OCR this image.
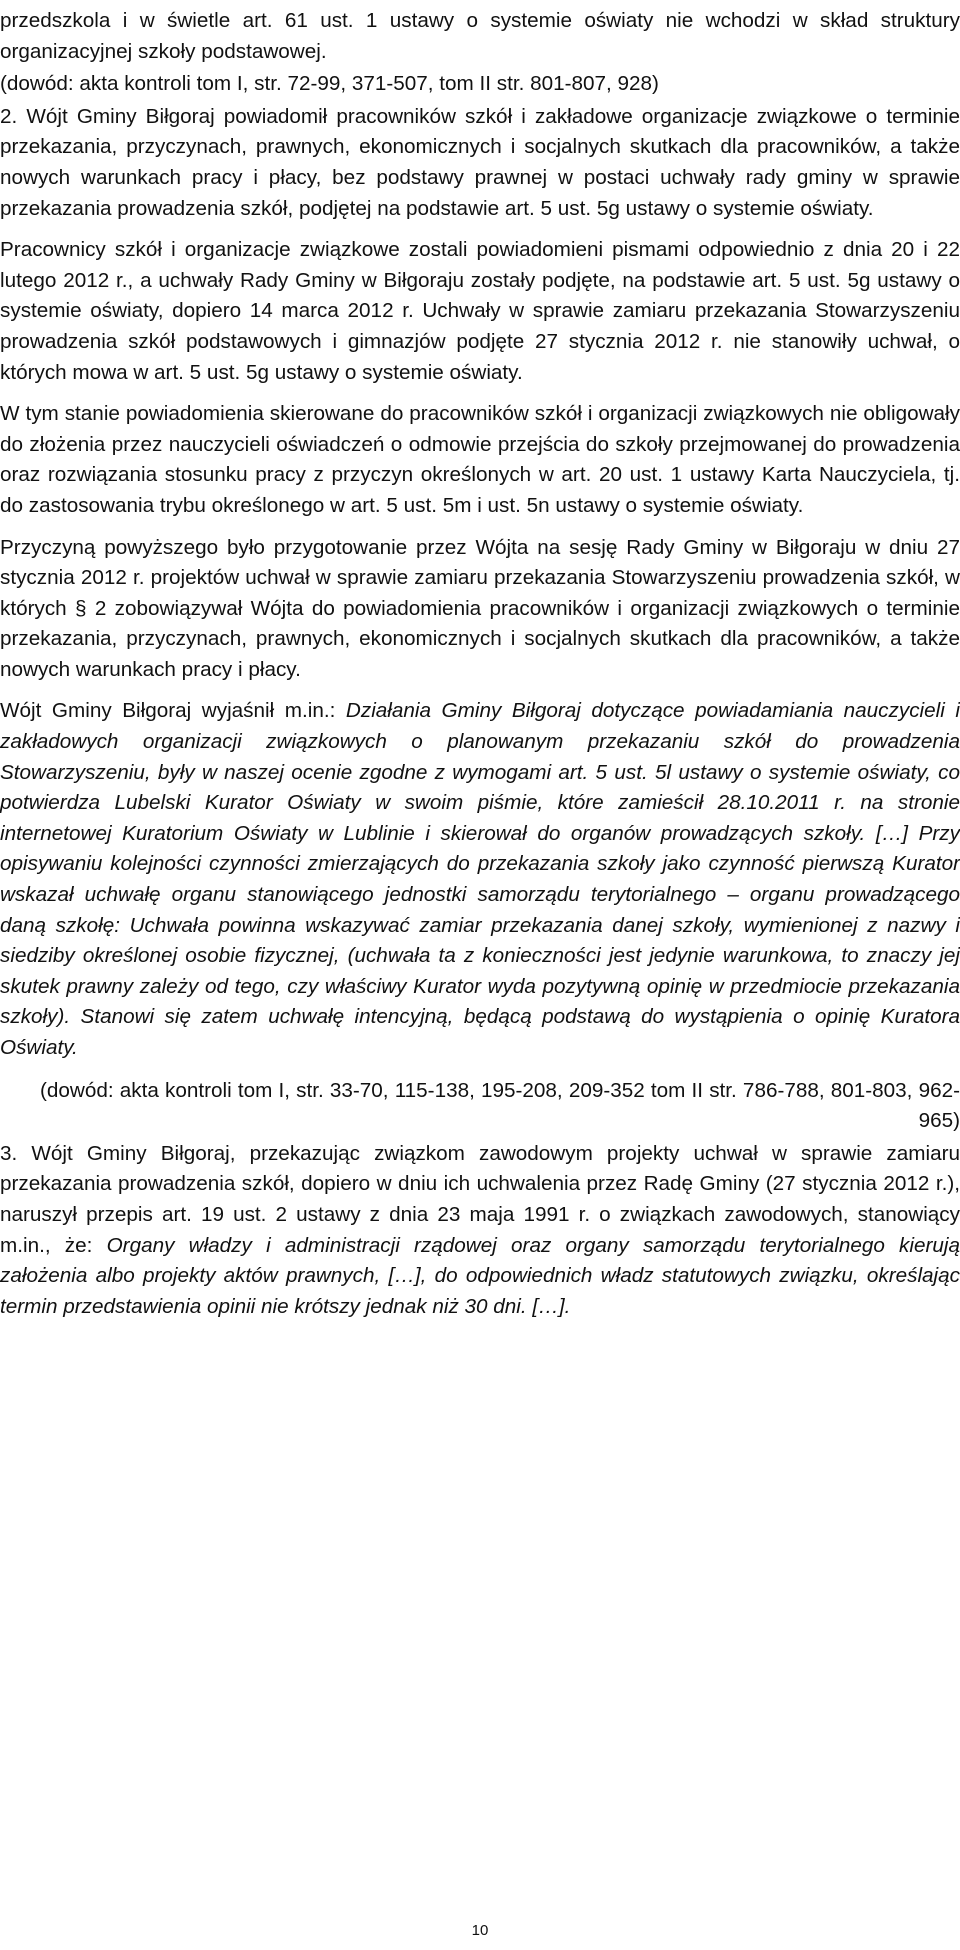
przedszkola i w świetle art. 61 ust. 1 ustawy o systemie oświaty nie wchodzi w skład struktury organizacyjnej szkoły podstawowej.

(dowód: akta kontroli tom I, str. 72-99, 371-507, tom II str. 801-807, 928)

2. Wójt Gminy Biłgoraj powiadomił pracowników szkół i zakładowe organizacje związkowe o terminie przekazania, przyczynach, prawnych, ekonomicznych i socjalnych skutkach dla pracowników, a także nowych warunkach pracy i płacy, bez podstawy prawnej w postaci uchwały rady gminy w sprawie przekazania prowadzenia szkół, podjętej na podstawie art. 5 ust. 5g ustawy o systemie oświaty.

Pracownicy szkół i organizacje związkowe zostali powiadomieni pismami odpowiednio z dnia 20 i 22 lutego 2012 r., a uchwały Rady Gminy w Biłgoraju zostały podjęte, na podstawie art. 5 ust. 5g ustawy o systemie oświaty, dopiero 14 marca 2012 r. Uchwały w sprawie zamiaru przekazania Stowarzyszeniu prowadzenia szkół podstawowych i gimnazjów podjęte 27 stycznia 2012 r. nie stanowiły uchwał, o których mowa w art. 5 ust. 5g ustawy o systemie oświaty.

W tym stanie powiadomienia skierowane do pracowników szkół i organizacji związkowych nie obligowały do złożenia przez nauczycieli oświadczeń o odmowie przejścia do szkoły przejmowanej do prowadzenia oraz rozwiązania stosunku pracy z przyczyn określonych w art. 20 ust. 1 ustawy Karta Nauczyciela, tj. do zastosowania trybu określonego w art. 5 ust. 5m i ust. 5n ustawy o systemie oświaty.

Przyczyną powyższego było przygotowanie przez Wójta na sesję Rady Gminy w Biłgoraju w dniu 27 stycznia 2012 r. projektów uchwał w sprawie zamiaru przekazania Stowarzyszeniu prowadzenia szkół, w których § 2 zobowiązywał Wójta do powiadomienia pracowników i organizacji związkowych o terminie przekazania, przyczynach, prawnych, ekonomicznych i socjalnych skutkach dla pracowników, a także nowych warunkach pracy i płacy.

Wójt Gminy Biłgoraj wyjaśnił m.in.: Działania Gminy Biłgoraj dotyczące powiadamiania nauczycieli i zakładowych organizacji związkowych o planowanym przekazaniu szkół do prowadzenia Stowarzyszeniu, były w naszej ocenie zgodne z wymogami art. 5 ust. 5l ustawy o systemie oświaty, co potwierdza Lubelski Kurator Oświaty w swoim piśmie, które zamieścił 28.10.2011 r. na stronie internetowej Kuratorium Oświaty w Lublinie i skierował do organów prowadzących szkoły. […] Przy opisywaniu kolejności czynności zmierzających do przekazania szkoły jako czynność pierwszą Kurator wskazał uchwałę organu stanowiącego jednostki samorządu terytorialnego – organu prowadzącego daną szkołę: Uchwała powinna wskazywać zamiar przekazania danej szkoły, wymienionej z nazwy i siedziby określonej osobie fizycznej, (uchwała ta z konieczności jest jedynie warunkowa, to znaczy jej skutek prawny zależy od tego, czy właściwy Kurator wyda pozytywną opinię w przedmiocie przekazania szkoły). Stanowi się zatem uchwałę intencyjną, będącą podstawą do wystąpienia o opinię Kuratora Oświaty.

(dowód: akta kontroli tom I, str. 33-70, 115-138, 195-208, 209-352 tom II str. 786-788, 801-803, 962-965)

3. Wójt Gminy Biłgoraj, przekazując związkom zawodowym projekty uchwał w sprawie zamiaru przekazania prowadzenia szkół, dopiero w dniu ich uchwalenia przez Radę Gminy (27 stycznia 2012 r.), naruszył przepis art. 19 ust. 2 ustawy z dnia 23 maja 1991 r. o związkach zawodowych, stanowiący m.in., że: Organy władzy i administracji rządowej oraz organy samorządu terytorialnego kierują założenia albo projekty aktów prawnych, […], do odpowiednich władz statutowych związku, określając termin przedstawienia opinii nie krótszy jednak niż 30 dni. […].

10
